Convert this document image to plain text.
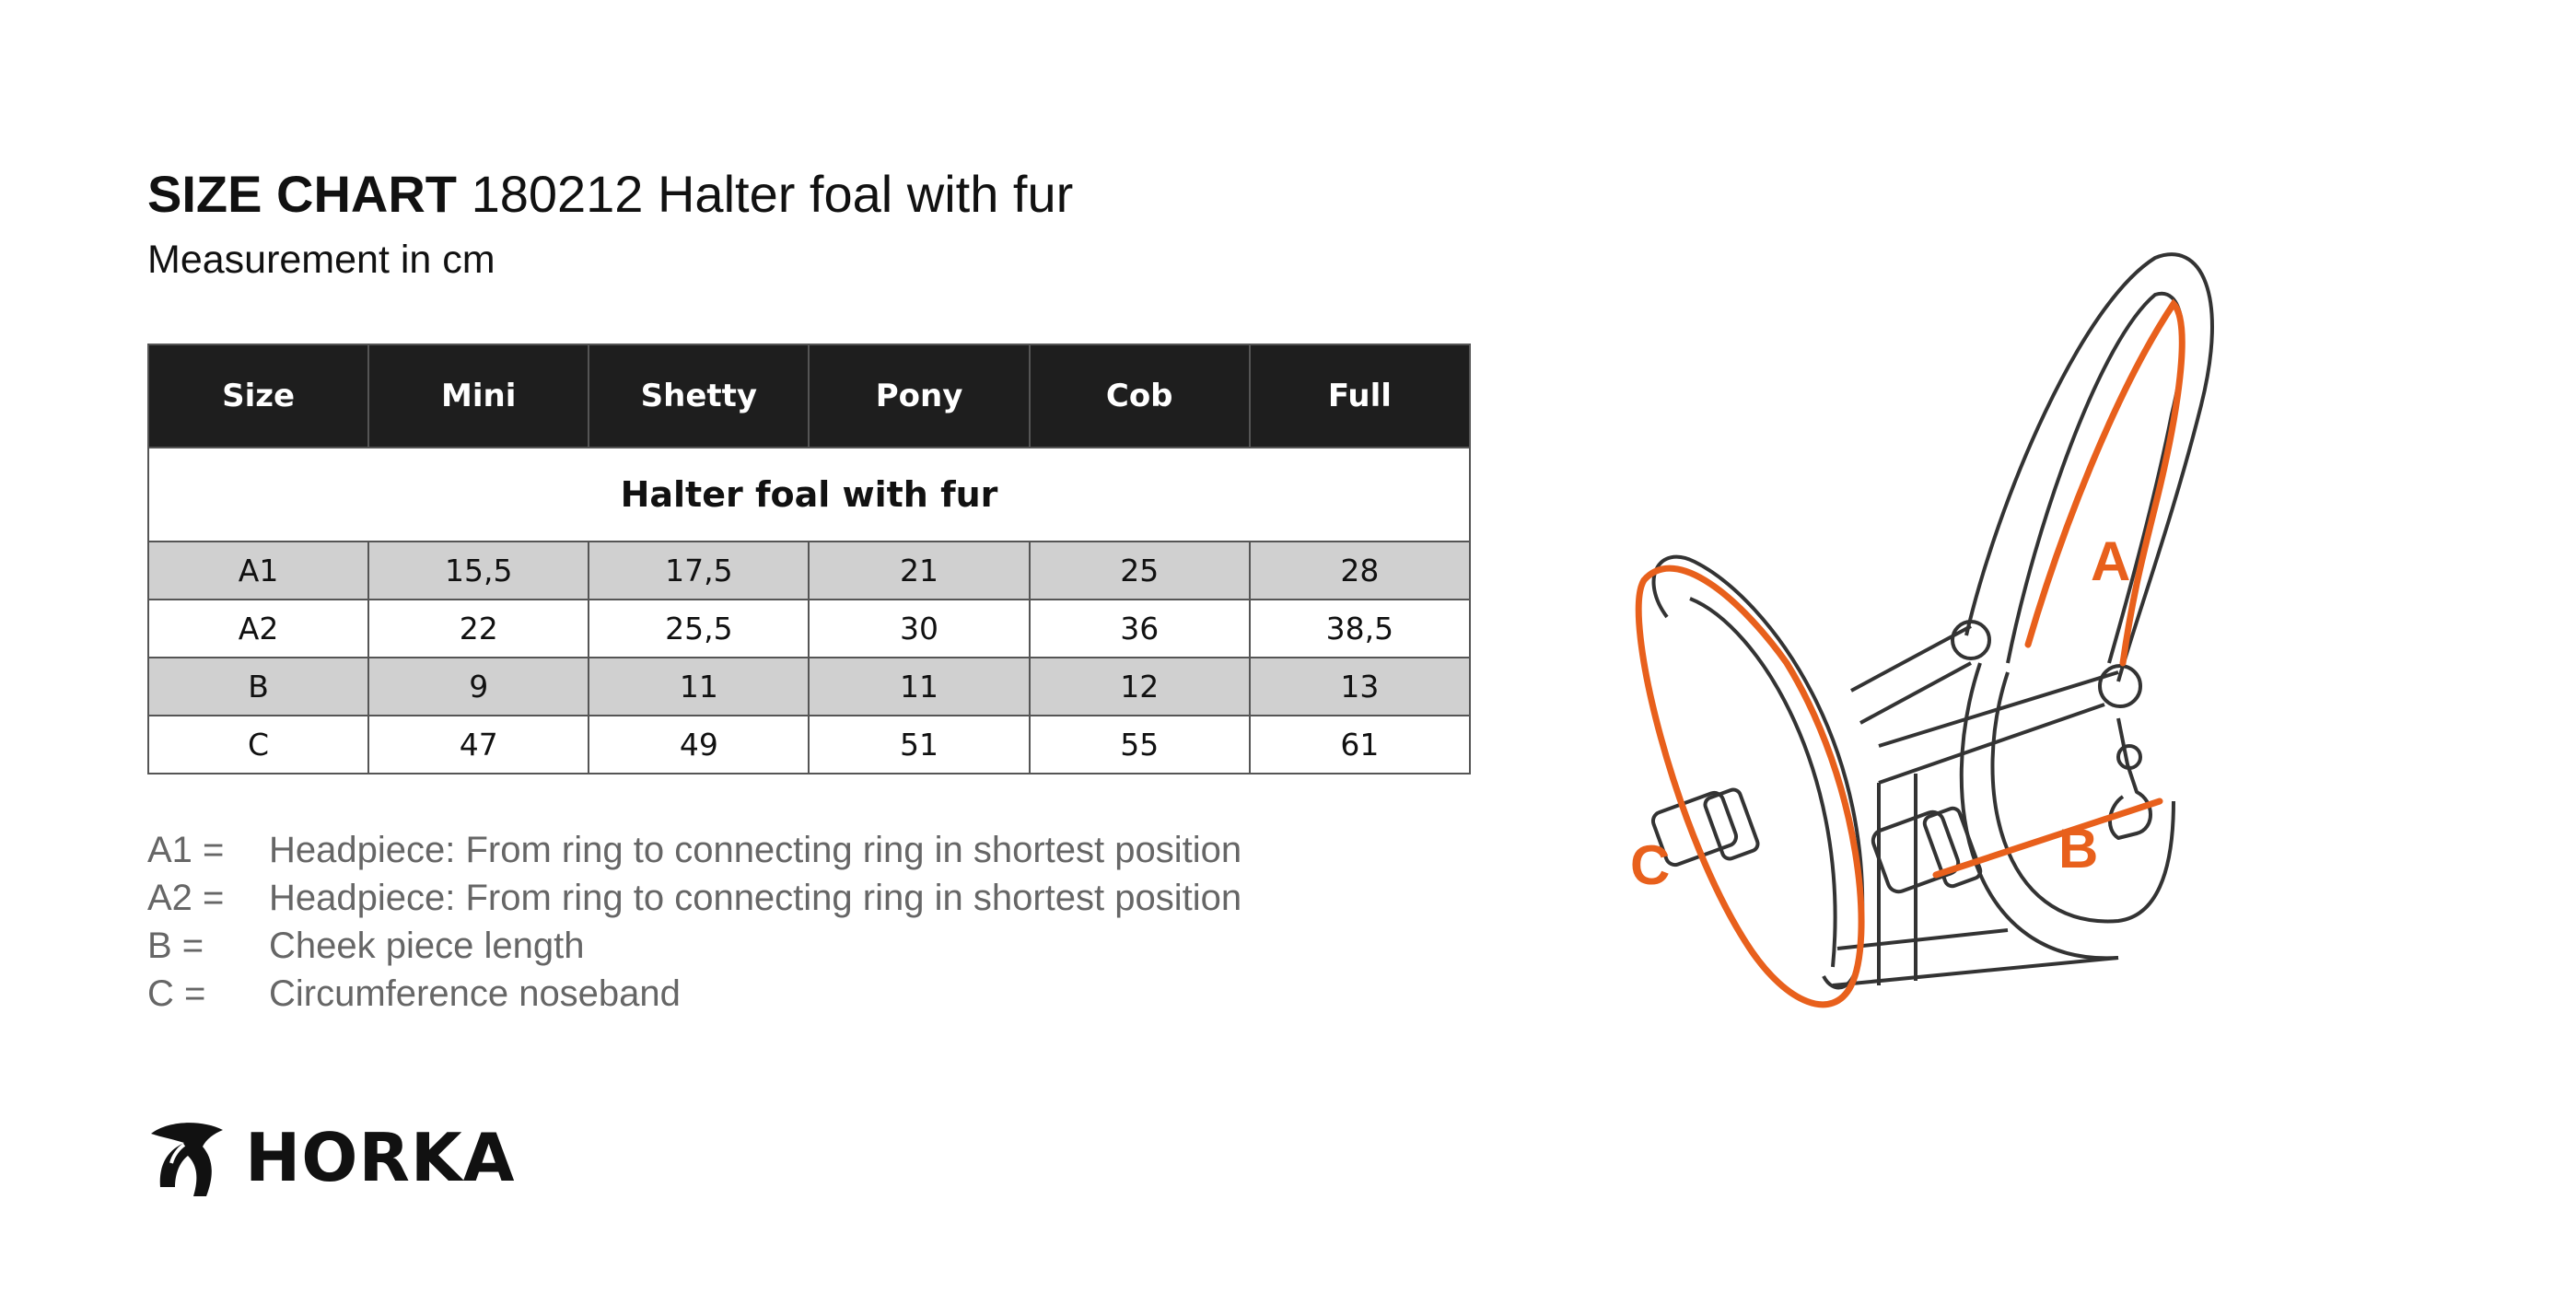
SIZE CHART 180212 Halter foal with fur
Measurement in cm
Halter foal with fur					
Size	Mini	Shetty	Pony	Cob	Full
A1	15,5	17,5	21	25	28
A2	22	25,5	30	36	38,5
B	9	11	11	12	13
C	47	49	51	55	61
A1 =	Headpiece: From ring to connecting ring in shortest position
A2 =	Headpiece: From ring to connecting ring in shortest position
B =	Cheek piece length
C =	Circumference noseband
HORKA
A
B
C
